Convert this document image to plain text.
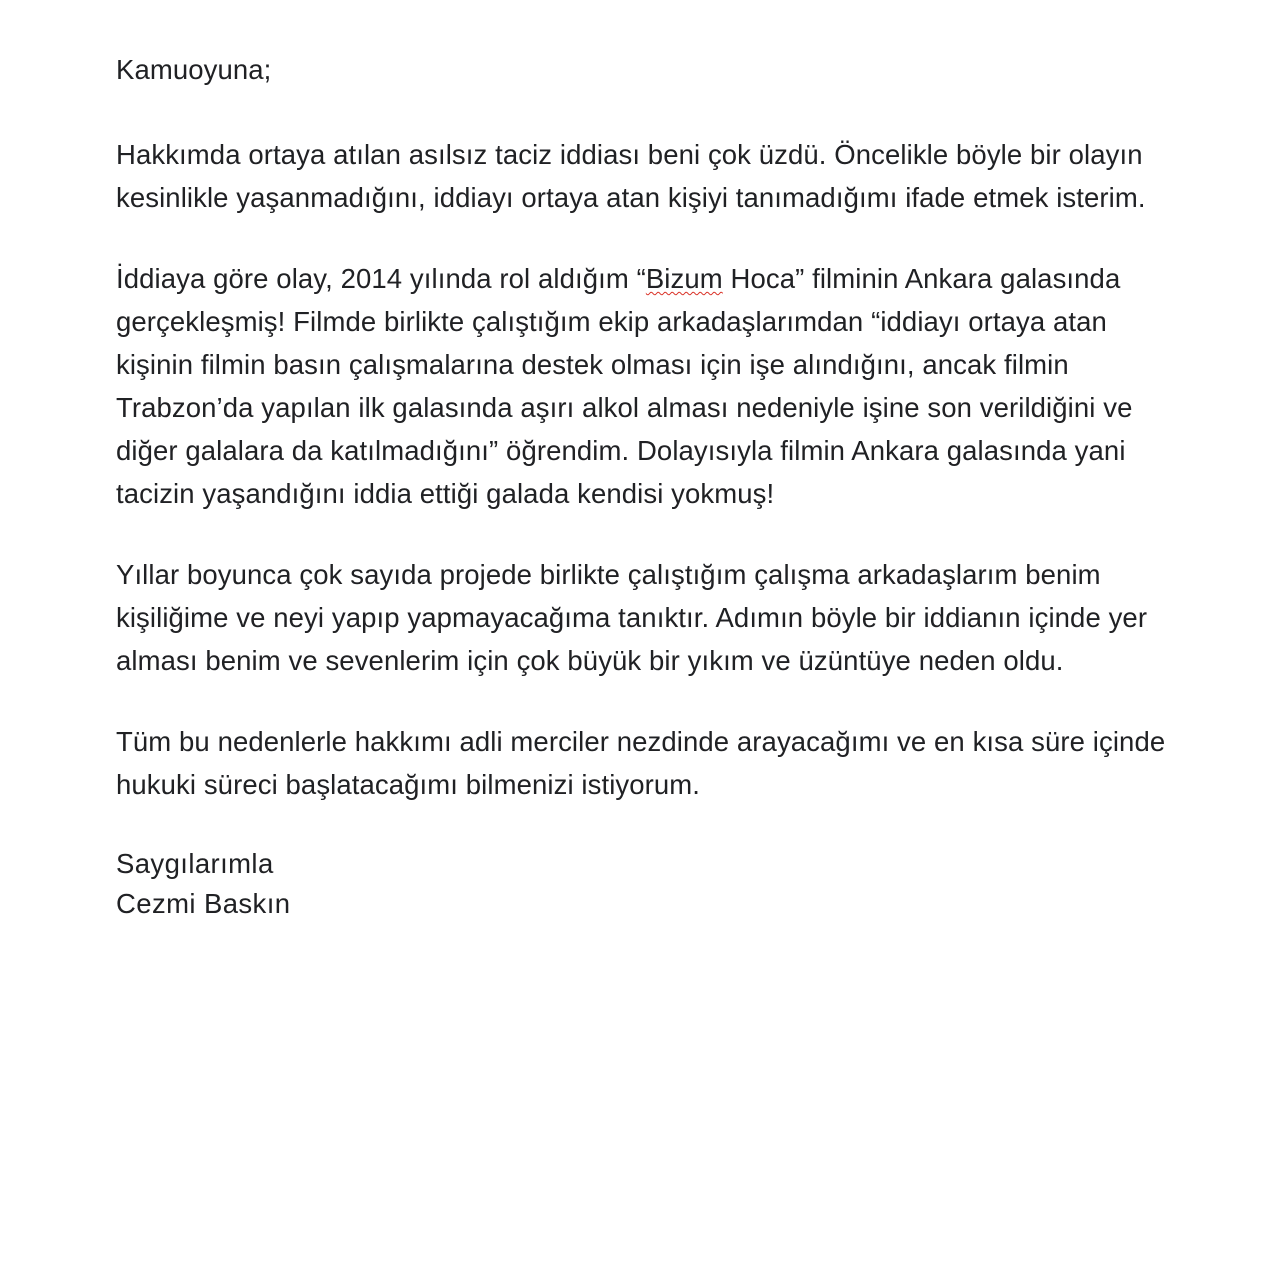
Kamuoyuna;

Hakkımda ortaya atılan asılsız taciz iddiası beni çok üzdü. Öncelikle böyle bir olayın kesinlikle yaşanmadığını, iddiayı ortaya atan kişiyi tanımadığımı ifade etmek isterim.

İddiaya göre olay, 2014 yılında rol aldığım “Bizum Hoca” filminin Ankara galasında gerçekleşmiş! Filmde birlikte çalıştığım ekip arkadaşlarımdan “iddiayı ortaya atan kişinin filmin basın çalışmalarına destek olması için işe alındığını, ancak filmin Trabzon’da yapılan ilk galasında aşırı alkol alması nedeniyle işine son verildiğini ve diğer galalara da katılmadığını” öğrendim. Dolayısıyla filmin Ankara galasında yani tacizin yaşandığını iddia ettiği galada kendisi yokmuş!

Yıllar boyunca çok sayıda projede birlikte çalıştığım çalışma arkadaşlarım benim kişiliğime ve neyi yapıp yapmayacağıma tanıktır. Adımın böyle bir iddianın içinde yer alması benim ve sevenlerim için çok büyük bir yıkım ve üzüntüye neden oldu.

Tüm bu nedenlerle hakkımı adli merciler nezdinde arayacağımı ve en kısa süre içinde hukuki süreci başlatacağımı bilmenizi istiyorum.

Saygılarımla
Cezmi Baskın
